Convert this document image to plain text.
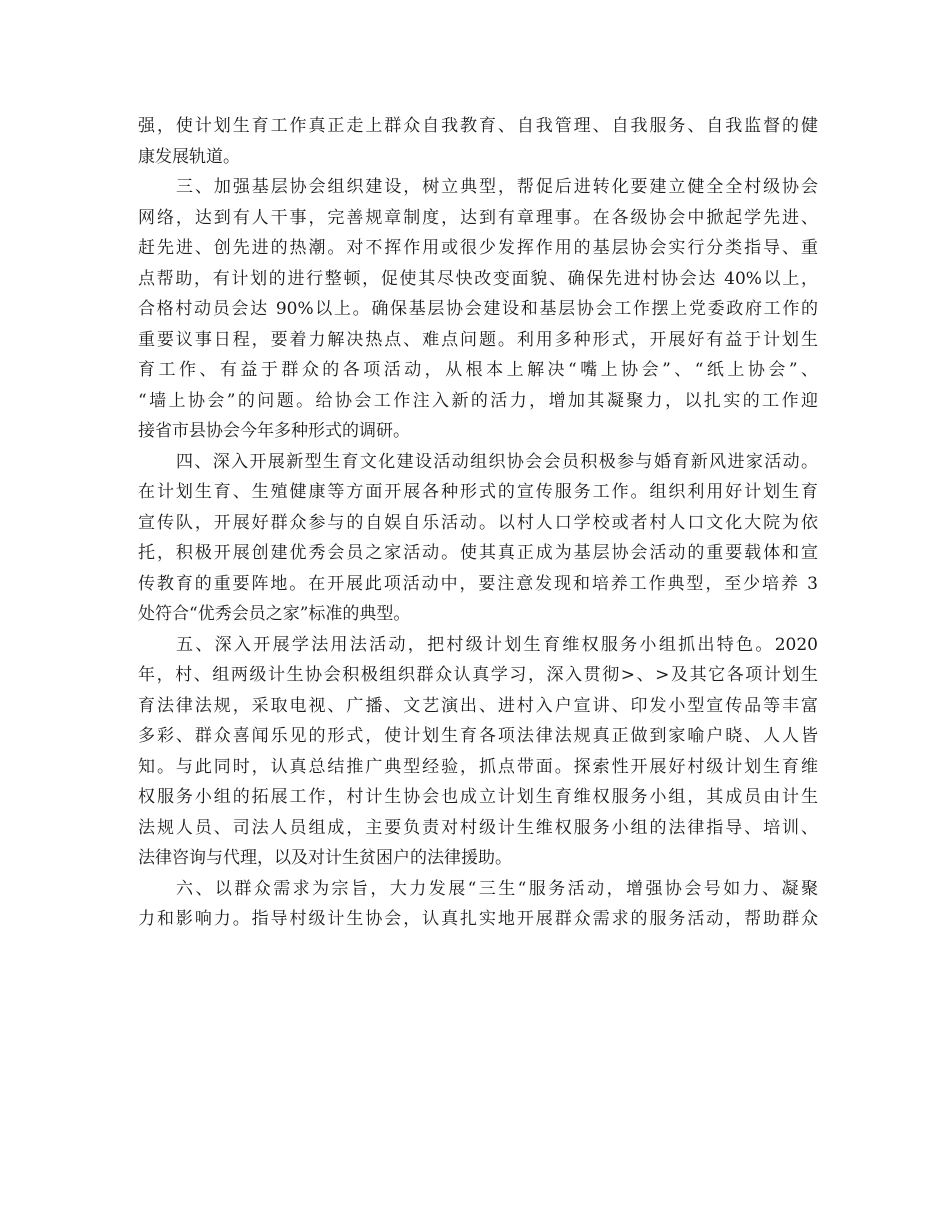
强，使计划生育工作真正走上群众自我教育、自我管理、自我服务、自我监督的健
康发展轨道。
三、加强基层协会组织建设，树立典型，帮促后进转化要建立健全全村级协会
网络，达到有人干事，完善规章制度，达到有章理事。在各级协会中掀起学先进、
赶先进、创先进的热潮。对不挥作用或很少发挥作用的基层协会实行分类指导、重
点帮助，有计划的进行整顿，促使其尽快改变面貌、确保先进村协会达 40%以上，
合格村动员会达 90%以上。确保基层协会建设和基层协会工作摆上党委政府工作的
重要议事日程，要着力解决热点、难点问题。利用多种形式，开展好有益于计划生
育工作、有益于群众的各项活动，从根本上解决“嘴上协会”、“纸上协会”、
“墙上协会”的问题。给协会工作注入新的活力，增加其凝聚力，以扎实的工作迎
接省市县协会今年多种形式的调研。
四、深入开展新型生育文化建设活动组织协会会员积极参与婚育新风进家活动。
在计划生育、生殖健康等方面开展各种形式的宣传服务工作。组织利用好计划生育
宣传队，开展好群众参与的自娱自乐活动。以村人口学校或者村人口文化大院为依
托，积极开展创建优秀会员之家活动。使其真正成为基层协会活动的重要载体和宣
传教育的重要阵地。在开展此项活动中，要注意发现和培养工作典型，至少培养 3
处符合“优秀会员之家”标准的典型。
五、深入开展学法用法活动，把村级计划生育维权服务小组抓出特色。2020
年，村、组两级计生协会积极组织群众认真学习，深入贯彻>、>及其它各项计划生
育法律法规，采取电视、广播、文艺演出、进村入户宣讲、印发小型宣传品等丰富
多彩、群众喜闻乐见的形式，使计划生育各项法律法规真正做到家喻户晓、人人皆
知。与此同时，认真总结推广典型经验，抓点带面。探索性开展好村级计划生育维
权服务小组的拓展工作，村计生协会也成立计划生育维权服务小组，其成员由计生
法规人员、司法人员组成，主要负责对村级计生维权服务小组的法律指导、培训、
法律咨询与代理，以及对计生贫困户的法律援助。
六、以群众需求为宗旨，大力发展“三生“服务活动，增强协会号如力、凝聚
力和影响力。指导村级计生协会，认真扎实地开展群众需求的服务活动，帮助群众
